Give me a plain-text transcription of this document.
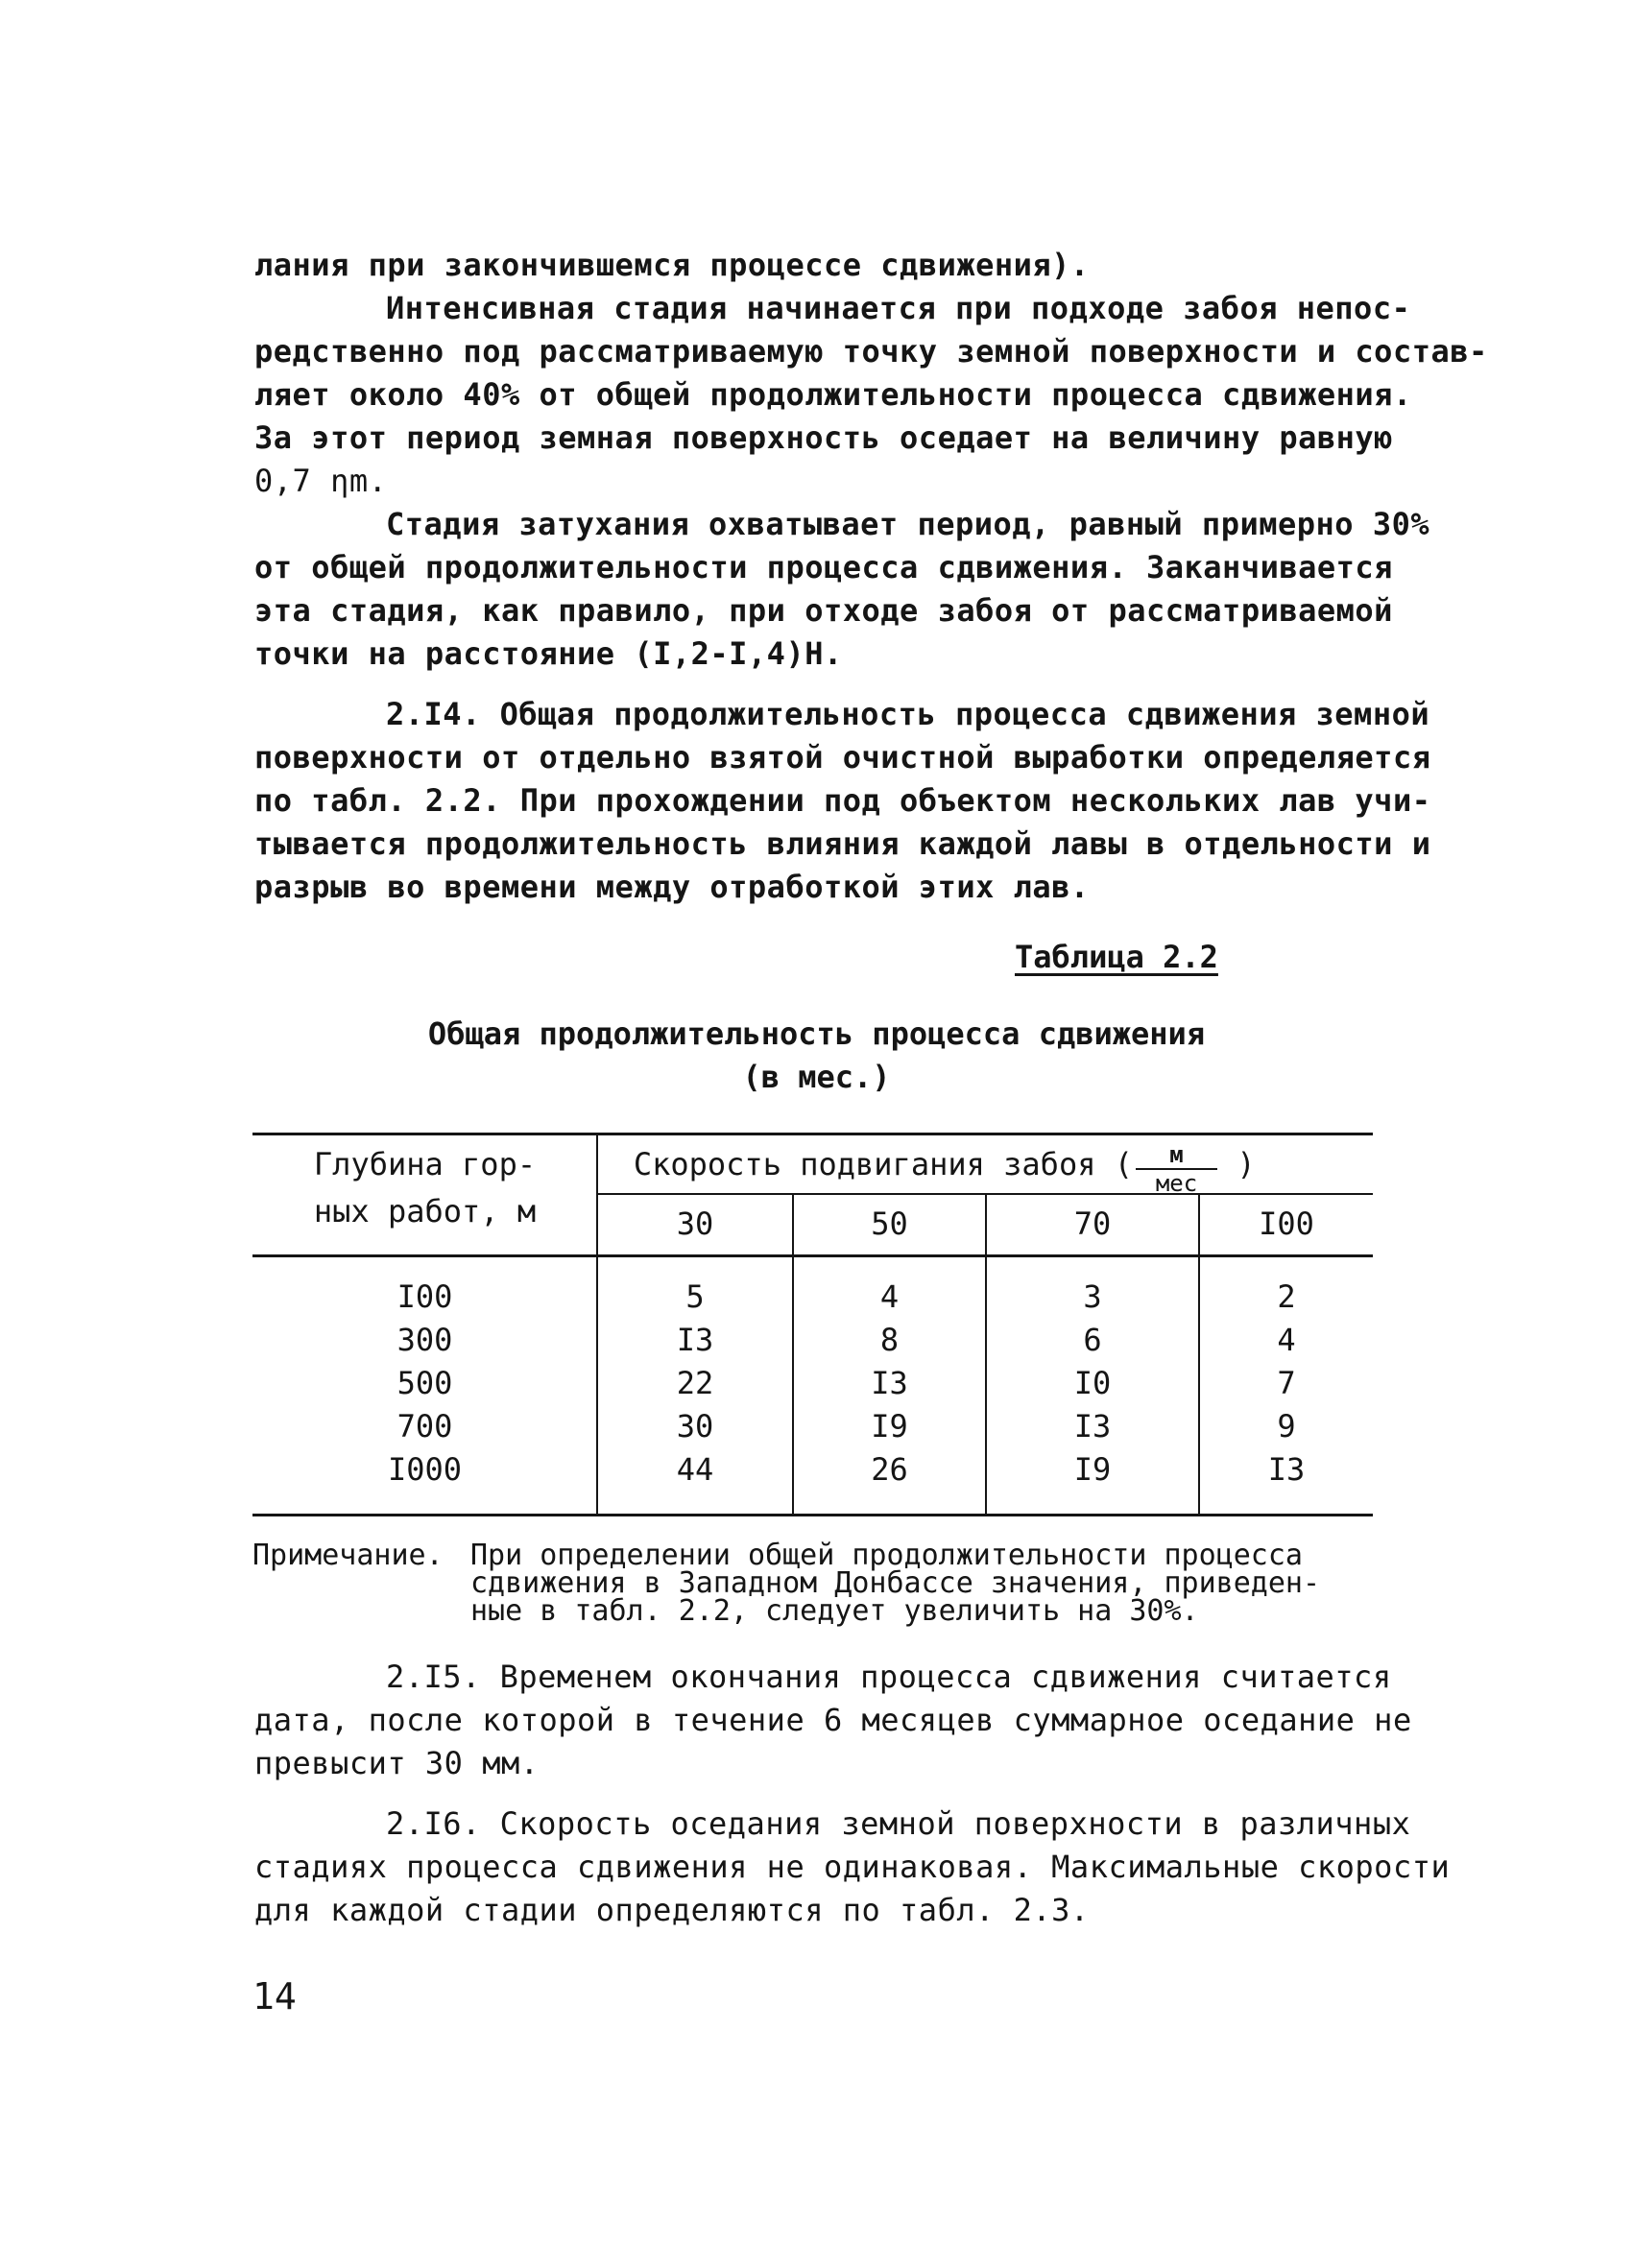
лания при закончившемся процессе сдвижения).
Интенсивная стадия начинается при подходе забоя непос-
редственно под рассматриваемую точку земной поверхности и состав-
ляет около 40% от общей продолжительности процесса сдвижения.
За этот период земная поверхность оседает на величину равную
0,7 ηm.
Стадия затухания охватывает период, равный примерно 30%
от общей продолжительности процесса сдвижения. Заканчивается
эта стадия, как правило, при отходе забоя от рассматриваемой
точки на расстояние (I,2-I,4)Н.
2.I4. Общая продолжительность процесса сдвижения земной
поверхности от отдельно взятой очистной выработки определяется
по табл. 2.2. При прохождении под объектом нескольких лав учи-
тывается продолжительность влияния каждой лавы в отдельности и
разрыв во времени между отработкой этих лав.
Таблица 2.2
Общая продолжительность процесса сдвижения
(в мес.)
Глубина гор-
ных работ, м
Скорость подвигания забоя (	м
мес
)
30	50	70	I00
I00	5	4	3	2
300	I3	8	6	4
500	22	I3	I0	7
700	30	I9	I3	9
I000	44	26	I9	I3
Примечание. При определении общей продолжительности процесса
сдвижения в Западном Донбассе значения, приведен-
ные в табл. 2.2, следует увеличить на 30%.
2.I5. Временем окончания процесса сдвижения считается
дата, после которой в течение 6 месяцев суммарное оседание не
превысит 30 мм.
2.I6. Скорость оседания земной поверхности в различных
стадиях процесса сдвижения не одинаковая. Максимальные скорости
для каждой стадии определяются по табл. 2.3.
14
